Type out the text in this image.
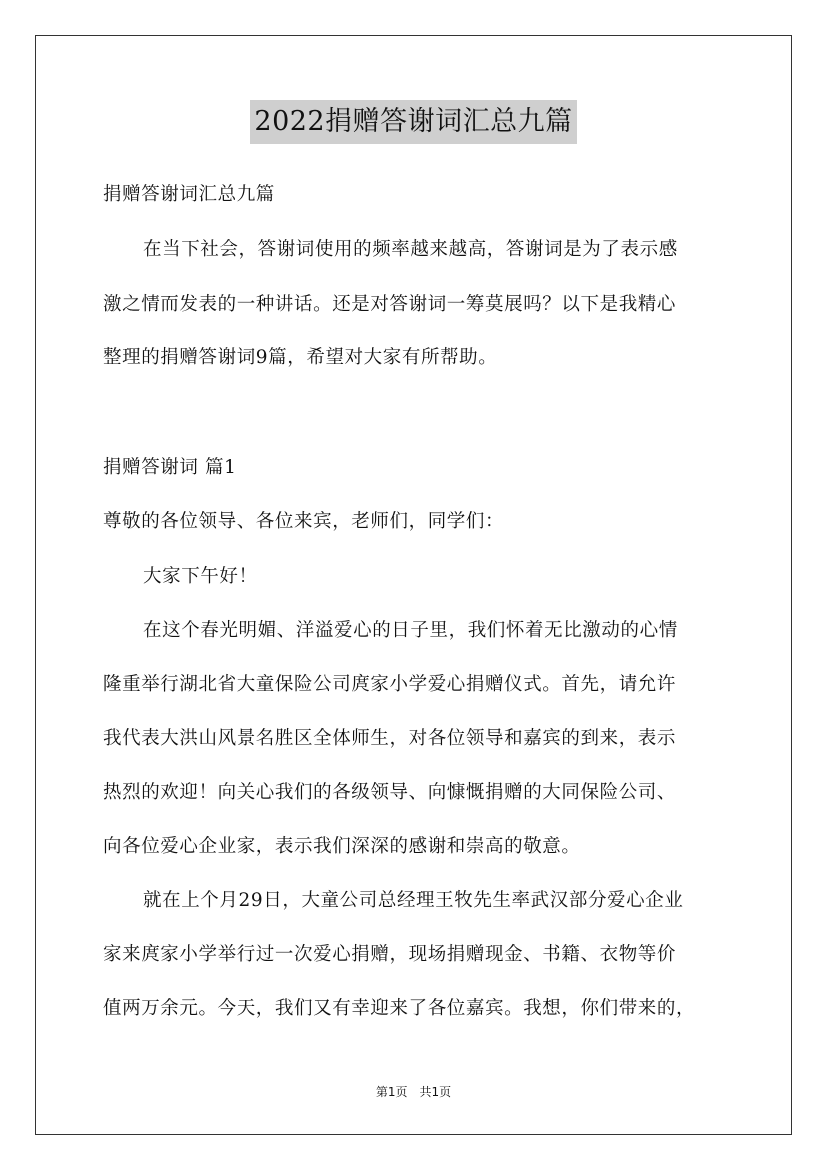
2022捐赠答谢词汇总九篇
捐赠答谢词汇总九篇
在当下社会，答谢词使用的频率越来越高，答谢词是为了表示感
激之情而发表的一种讲话。还是对答谢词一筹莫展吗？以下是我精心
整理的捐赠答谢词9篇，希望对大家有所帮助。
捐赠答谢词 篇1
尊敬的各位领导、各位来宾，老师们，同学们：
大家下午好！
在这个春光明媚、洋溢爱心的日子里，我们怀着无比激动的心情
隆重举行湖北省大童保险公司庹家小学爱心捐赠仪式。首先，请允许
我代表大洪山风景名胜区全体师生，对各位领导和嘉宾的到来，表示
热烈的欢迎！向关心我们的各级领导、向慷慨捐赠的大同保险公司、
向各位爱心企业家，表示我们深深的感谢和崇高的敬意。
就在上个月29日，大童公司总经理王牧先生率武汉部分爱心企业
家来庹家小学举行过一次爱心捐赠，现场捐赠现金、书籍、衣物等价
值两万余元。今天，我们又有幸迎来了各位嘉宾。我想，你们带来的，
第1页　共1页
